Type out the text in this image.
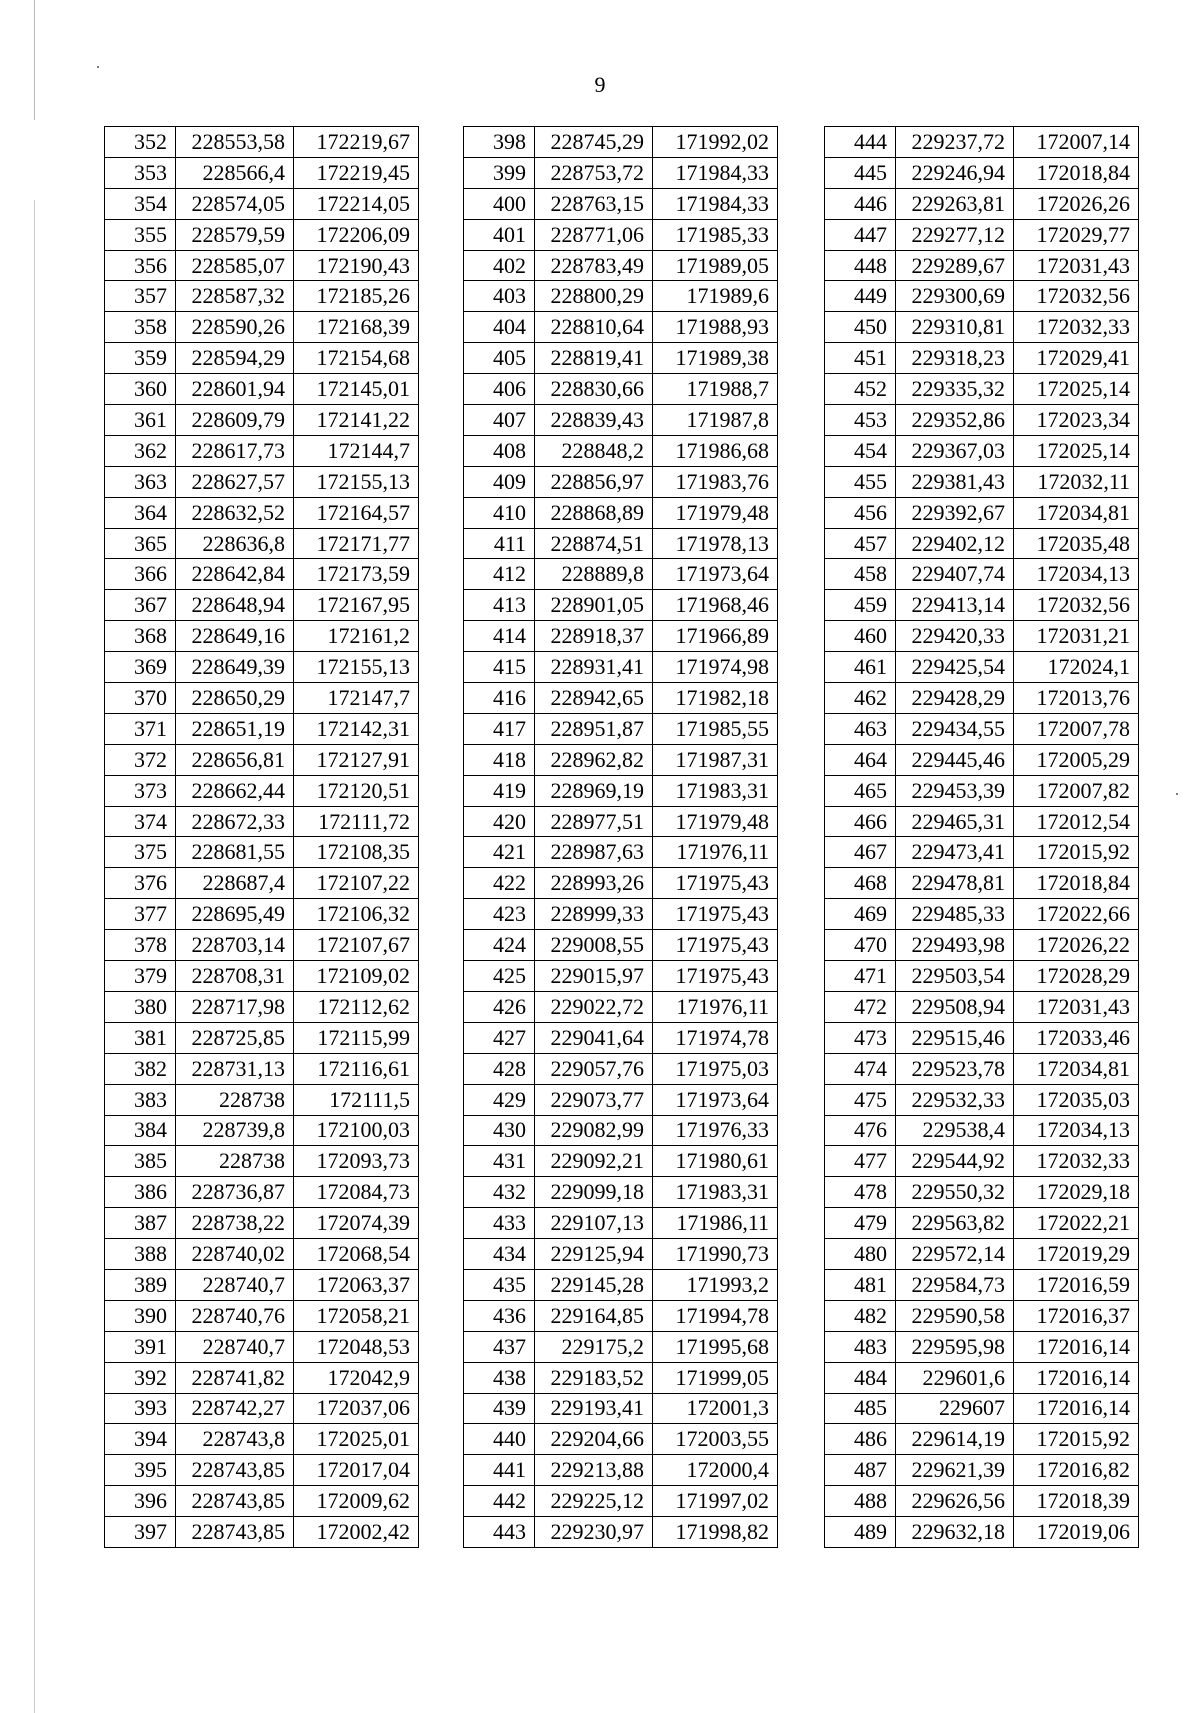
9
352	228553,58	172219,67
353	228566,4	172219,45
354	228574,05	172214,05
355	228579,59	172206,09
356	228585,07	172190,43
357	228587,32	172185,26
358	228590,26	172168,39
359	228594,29	172154,68
360	228601,94	172145,01
361	228609,79	172141,22
362	228617,73	172144,7
363	228627,57	172155,13
364	228632,52	172164,57
365	228636,8	172171,77
366	228642,84	172173,59
367	228648,94	172167,95
368	228649,16	172161,2
369	228649,39	172155,13
370	228650,29	172147,7
371	228651,19	172142,31
372	228656,81	172127,91
373	228662,44	172120,51
374	228672,33	172111,72
375	228681,55	172108,35
376	228687,4	172107,22
377	228695,49	172106,32
378	228703,14	172107,67
379	228708,31	172109,02
380	228717,98	172112,62
381	228725,85	172115,99
382	228731,13	172116,61
383	228738	172111,5
384	228739,8	172100,03
385	228738	172093,73
386	228736,87	172084,73
387	228738,22	172074,39
388	228740,02	172068,54
389	228740,7	172063,37
390	228740,76	172058,21
391	228740,7	172048,53
392	228741,82	172042,9
393	228742,27	172037,06
394	228743,8	172025,01
395	228743,85	172017,04
396	228743,85	172009,62
397	228743,85	172002,42
398	228745,29	171992,02
399	228753,72	171984,33
400	228763,15	171984,33
401	228771,06	171985,33
402	228783,49	171989,05
403	228800,29	171989,6
404	228810,64	171988,93
405	228819,41	171989,38
406	228830,66	171988,7
407	228839,43	171987,8
408	228848,2	171986,68
409	228856,97	171983,76
410	228868,89	171979,48
411	228874,51	171978,13
412	228889,8	171973,64
413	228901,05	171968,46
414	228918,37	171966,89
415	228931,41	171974,98
416	228942,65	171982,18
417	228951,87	171985,55
418	228962,82	171987,31
419	228969,19	171983,31
420	228977,51	171979,48
421	228987,63	171976,11
422	228993,26	171975,43
423	228999,33	171975,43
424	229008,55	171975,43
425	229015,97	171975,43
426	229022,72	171976,11
427	229041,64	171974,78
428	229057,76	171975,03
429	229073,77	171973,64
430	229082,99	171976,33
431	229092,21	171980,61
432	229099,18	171983,31
433	229107,13	171986,11
434	229125,94	171990,73
435	229145,28	171993,2
436	229164,85	171994,78
437	229175,2	171995,68
438	229183,52	171999,05
439	229193,41	172001,3
440	229204,66	172003,55
441	229213,88	172000,4
442	229225,12	171997,02
443	229230,97	171998,82
444	229237,72	172007,14
445	229246,94	172018,84
446	229263,81	172026,26
447	229277,12	172029,77
448	229289,67	172031,43
449	229300,69	172032,56
450	229310,81	172032,33
451	229318,23	172029,41
452	229335,32	172025,14
453	229352,86	172023,34
454	229367,03	172025,14
455	229381,43	172032,11
456	229392,67	172034,81
457	229402,12	172035,48
458	229407,74	172034,13
459	229413,14	172032,56
460	229420,33	172031,21
461	229425,54	172024,1
462	229428,29	172013,76
463	229434,55	172007,78
464	229445,46	172005,29
465	229453,39	172007,82
466	229465,31	172012,54
467	229473,41	172015,92
468	229478,81	172018,84
469	229485,33	172022,66
470	229493,98	172026,22
471	229503,54	172028,29
472	229508,94	172031,43
473	229515,46	172033,46
474	229523,78	172034,81
475	229532,33	172035,03
476	229538,4	172034,13
477	229544,92	172032,33
478	229550,32	172029,18
479	229563,82	172022,21
480	229572,14	172019,29
481	229584,73	172016,59
482	229590,58	172016,37
483	229595,98	172016,14
484	229601,6	172016,14
485	229607	172016,14
486	229614,19	172015,92
487	229621,39	172016,82
488	229626,56	172018,39
489	229632,18	172019,06
